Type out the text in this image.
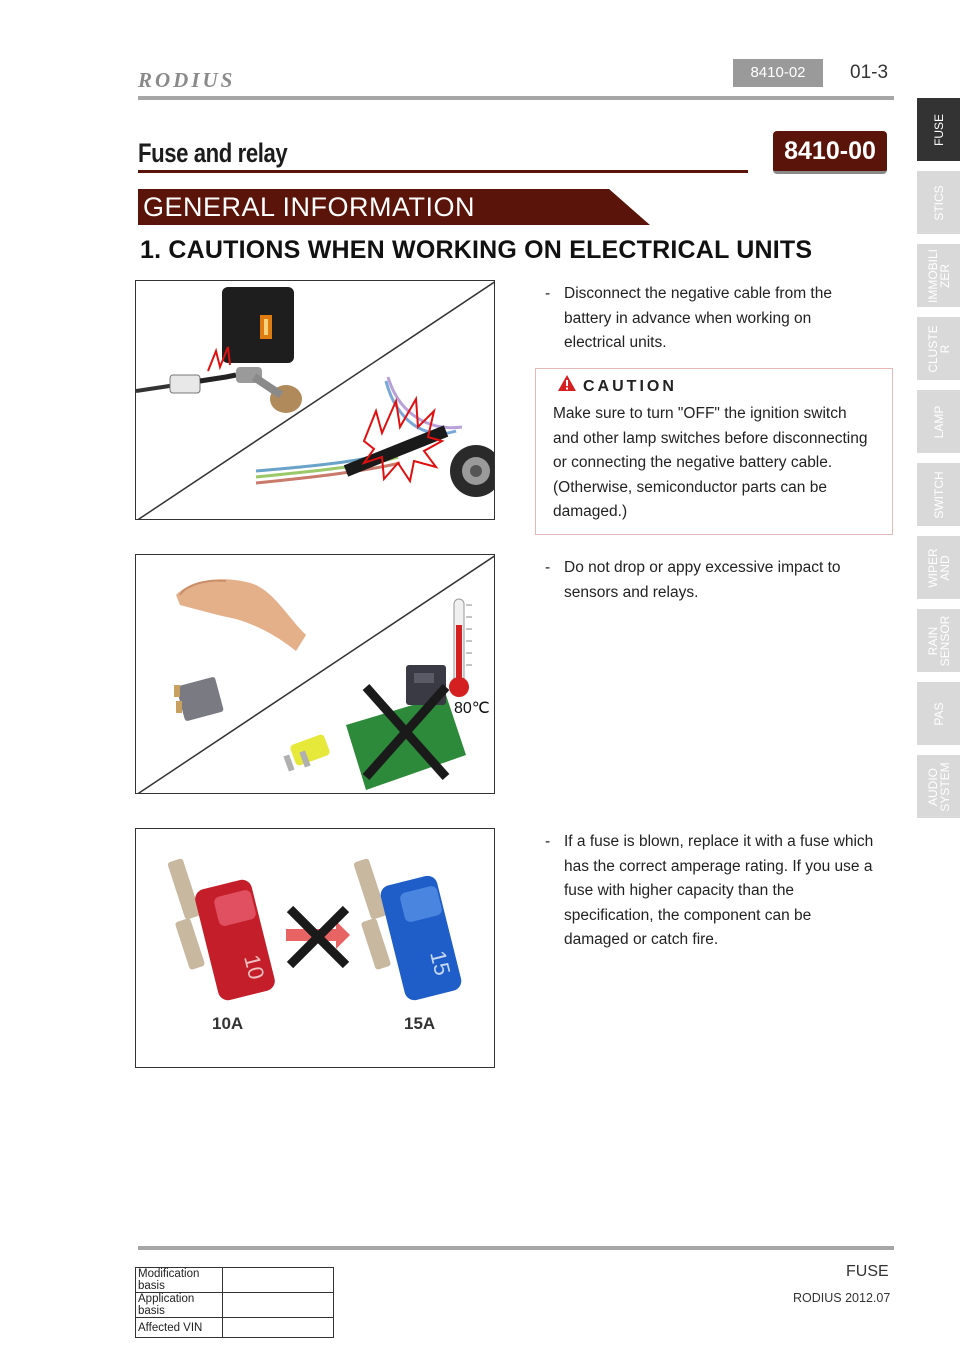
RODIUS	8410-02	01-3
Fuse and relay	8410-00
GENERAL INFORMATION
1. CAUTIONS WHEN WORKING ON ELECTRICAL UNITS
- Disconnect the negative cable from the battery in advance when working on electrical units.
CAUTION
Make sure to turn "OFF" the ignition switch and other lamp switches before disconnecting or connecting the negative battery cable. (Otherwise, semiconductor parts can be damaged.)
80℃
- Do not drop or appy excessive impact to sensors and relays.
10	15
10A	15A
- If a fuse is blown, replace it with a fuse which has the correct amperage rating. If you use a fuse with higher capacity than the specification, the component can be damaged or catch fire.
FUSE
STICS
IMMOBILI
ZER
CLUSTE
R
LAMP
SWITCH
WIPER
AND
RAIN
SENSOR
PAS
AUDIO
SYSTEM
FUSE
RODIUS 2012.07
Modification basis	
Application basis	
Affected VIN	
